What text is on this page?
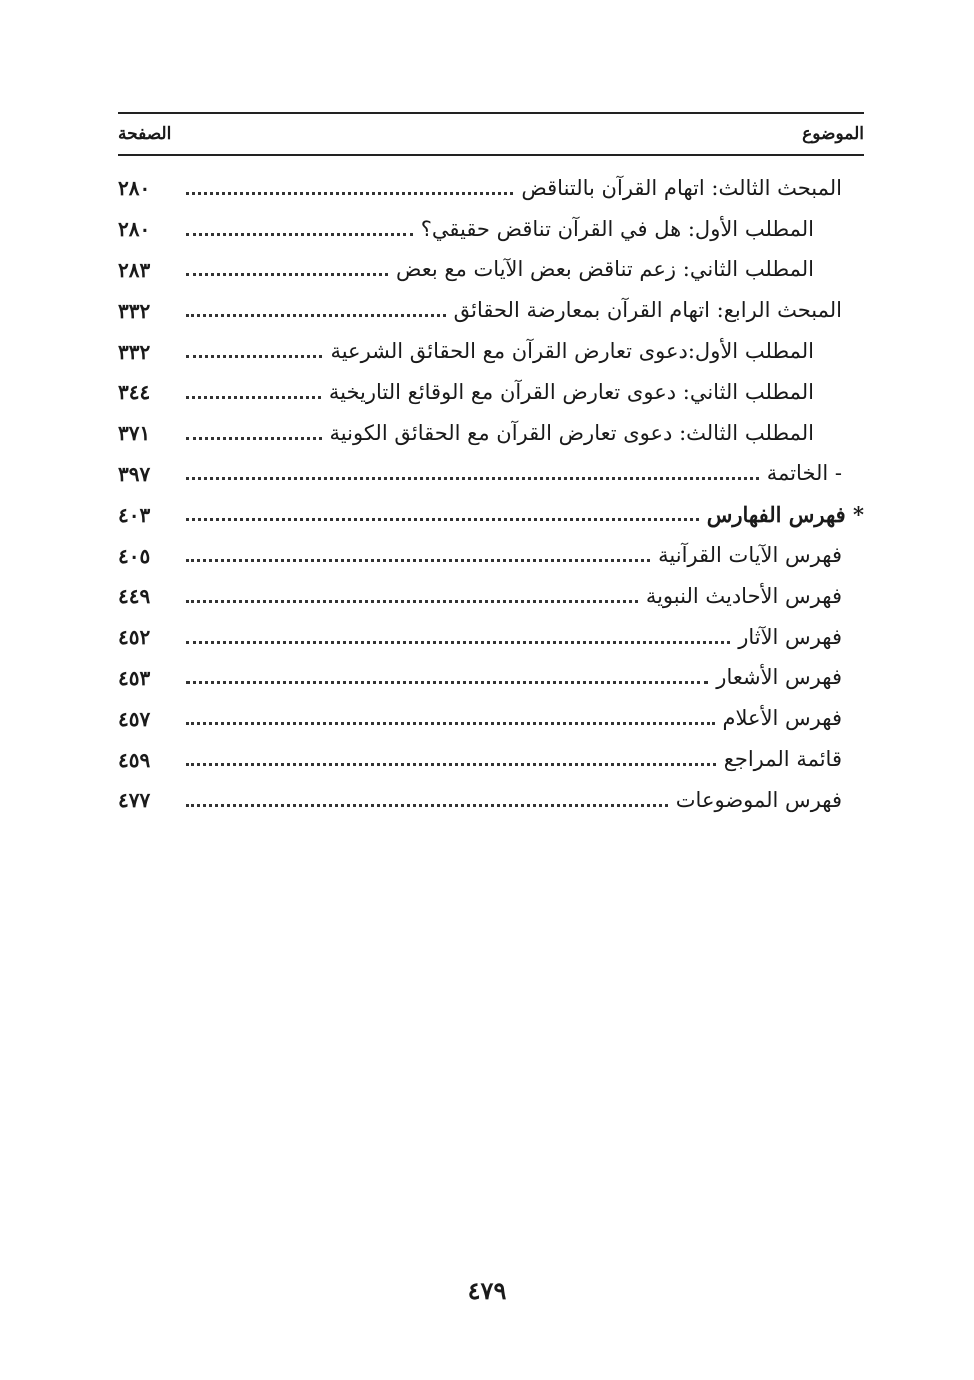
الموضوع
الصفحة
المبحث الثالث: اتهام القرآن بالتناقض
٢٨٠
المطلب الأول: هل في القرآن تناقض حقيقي؟
٢٨٠
المطلب الثاني: زعم تناقض بعض الآيات مع بعض
٢٨٣
المبحث الرابع: اتهام القرآن بمعارضة الحقائق
٣٣٢
المطلب الأول:دعوى تعارض القرآن مع الحقائق الشرعية
٣٣٢
المطلب الثاني: دعوى تعارض القرآن مع الوقائع التاريخية
٣٤٤
المطلب الثالث: دعوى تعارض القرآن مع الحقائق الكونية
٣٧١
- الخاتمة
٣٩٧
* فهرس الفهارس
٤٠٣
فهرس الآيات القرآنية
٤٠٥
فهرس الأحاديث النبوية
٤٤٩
فهرس الآثار
٤٥٢
فهرس الأشعار
٤٥٣
فهرس الأعلام
٤٥٧
قائمة المراجع
٤٥٩
فهرس الموضوعات
٤٧٧
٤٧٩
